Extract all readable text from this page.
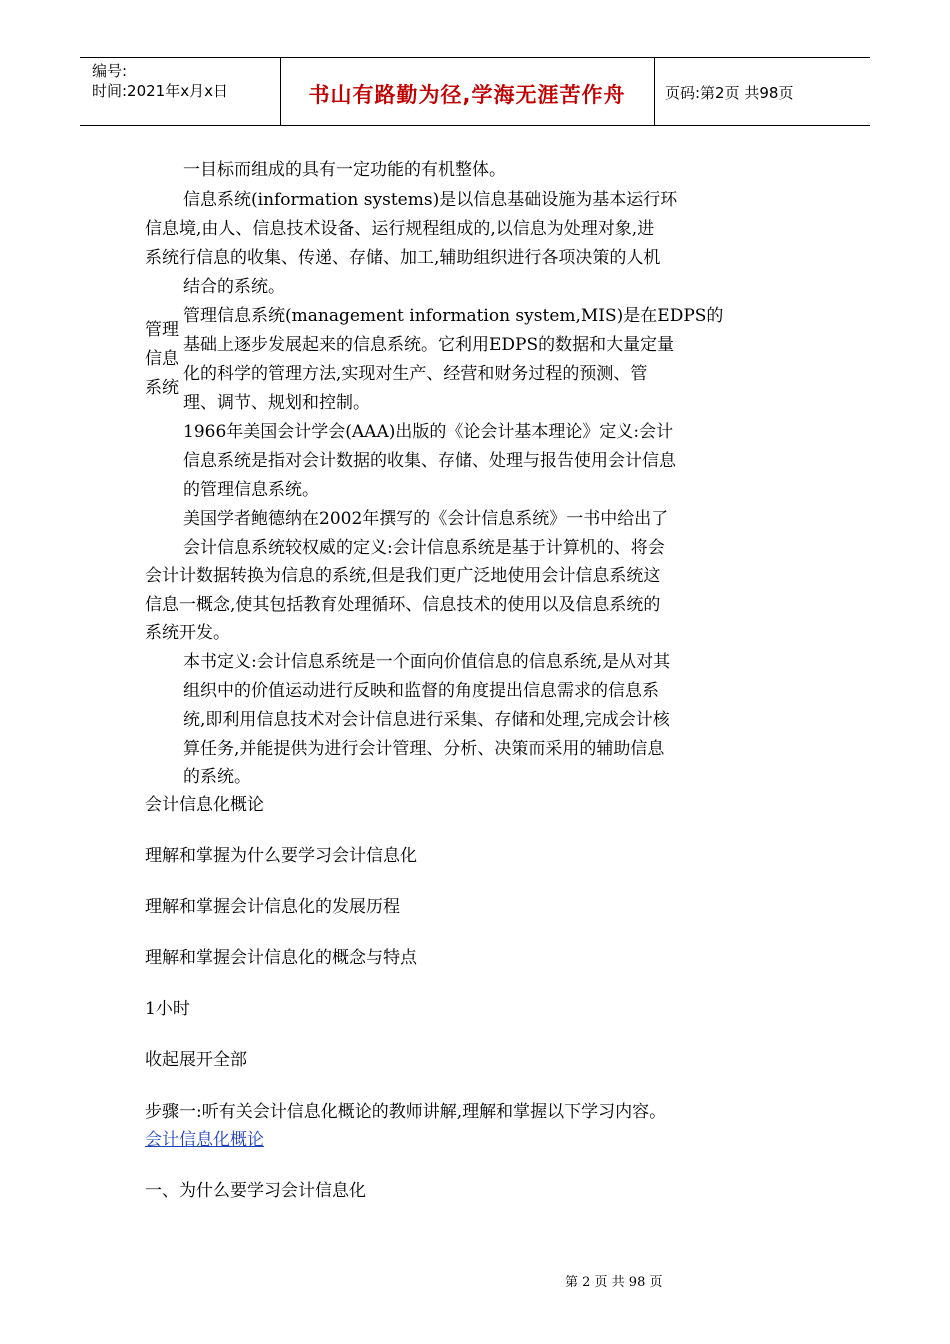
编号:
时间:2021年x月x日	书山有路勤为径,学海无涯苦作舟	页码:第2页 共98页
一目标而组成的具有一定功能的有机整体。
信息系统(information systems)是以信息基础设施为基本运行环
信息境,由人、信息技术设备、运行规程组成的,以信息为处理对象,进
系统行信息的收集、传递、存储、加工,辅助组织进行各项决策的人机
结合的系统。
管理信息系统(management information system,MIS)是在EDPS的
管理
基础上逐步发展起来的信息系统。它利用EDPS的数据和大量定量
信息
化的科学的管理方法,实现对生产、经营和财务过程的预测、管
系统
理、调节、规划和控制。
1966年美国会计学会(AAA)出版的《论会计基本理论》定义:会计
信息系统是指对会计数据的收集、存储、处理与报告使用会计信息
的管理信息系统。
美国学者鲍德纳在2002年撰写的《会计信息系统》一书中给出了
会计信息系统较权威的定义:会计信息系统是基于计算机的、将会
会计计数据转换为信息的系统,但是我们更广泛地使用会计信息系统这
信息一概念,使其包括教育处理循环、信息技术的使用以及信息系统的
系统开发。
本书定义:会计信息系统是一个面向价值信息的信息系统,是从对其
组织中的价值运动进行反映和监督的角度提出信息需求的信息系
统,即利用信息技术对会计信息进行采集、存储和处理,完成会计核
算任务,并能提供为进行会计管理、分析、决策而采用的辅助信息
的系统。
会计信息化概论
理解和掌握为什么要学习会计信息化
理解和掌握会计信息化的发展历程
理解和掌握会计信息化的概念与特点
1小时
收起展开全部
步骤一:听有关会计信息化概论的教师讲解,理解和掌握以下学习内容。
会计信息化概论
一、为什么要学习会计信息化
第 2 页 共 98 页
